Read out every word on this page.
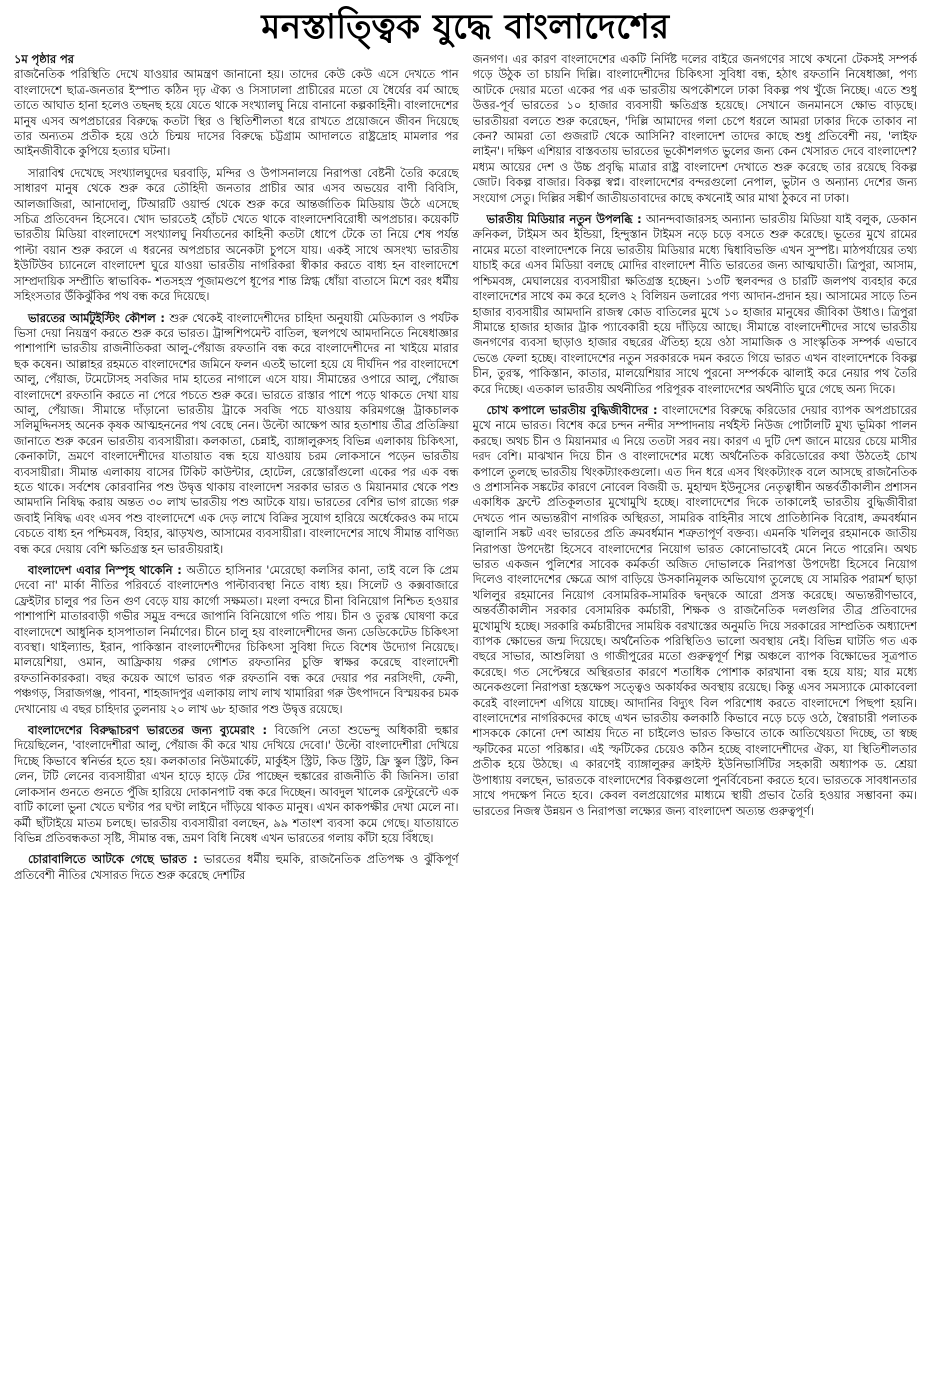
মনস্তাত্ত্বিক যুদ্ধে বাংলাদেশের

১ম পৃষ্ঠার পর
রাজনৈতিক পরিস্থিতি দেখে যাওয়ার আমন্ত্রণ জানানো হয়। তাদের কেউ কেউ এসে দেখতে পান বাংলাদেশে ছাত্র-জনতার ইস্পাত কঠিন দৃঢ় ঐক্য ও সিসাঢালা প্রাচীরের মতো যে ধৈর্যের বর্ম আছে তাতে আঘাত হানা হলেও তছনছ হয়ে যেতে থাকে সংখ্যালঘু নিয়ে বানানো কল্পকাহিনী। বাংলাদেশের মানুষ এসব অপপ্রচারের বিরুদ্ধে কতটা স্থির ও স্থিতিশীলতা ধরে রাখতে প্রয়োজনে জীবন দিয়েছে তার অন্যতম প্রতীক হয়ে ওঠে চিন্ময় দাসের বিরুদ্ধে চট্টগ্রাম আদালতে রাষ্ট্রদ্রোহ মামলার পর আইনজীবীকে কুপিয়ে হত্যার ঘটনা।

সারাবিশ্ব দেখেছে সংখ্যালঘুদের ঘরবাড়ি, মন্দির ও উপাসনালয়ে নিরাপত্তা বেষ্টনী তৈরি করেছে সাধারণ মানুষ থেকে শুরু করে তৌহিদী জনতার প্রাচীর আর এসব অভয়ের বাণী বিবিসি, আলজাজিরা, আনাদোলু, টিআরটি ওয়ার্ল্ড থেকে শুরু করে আন্তর্জাতিক মিডিয়ায় উঠে এসেছে সচিত্র প্রতিবেদন হিসেবে। খোদ ভারতেই হোঁচট খেতে থাকে বাংলাদেশবিরোধী অপপ্রচার। কয়েকটি ভারতীয় মিডিয়া বাংলাদেশে সংখ্যালঘু নির্যাতনের কাহিনী কতটা ধোপে টেকে তা নিয়ে শেষ পর্যন্ত পাল্টা বয়ান শুরু করলে এ ধরনের অপপ্রচার অনেকটা চুপসে যায়। একই সাথে অসংখ্য ভারতীয় ইউটিউব চ্যানেলে বাংলাদেশ ঘুরে যাওয়া ভারতীয় নাগরিকরা স্বীকার করতে বাধ্য হন বাংলাদেশে সাম্প্রদায়িক সম্প্রীতি স্বাভাবিক- শতসহস্র পূজামণ্ডপে ধূপের শান্ত স্নিগ্ধ ধোঁয়া বাতাসে মিশে বরং ধর্মীয় সহিংসতার উঁকিঝুঁকির পথ বন্ধ করে দিয়েছে।

ভারতের আর্মটুইস্টিং কৌশল : শুরু থেকেই বাংলাদেশীদের চাহিদা অনুযায়ী মেডিক্যাল ও পর্যটক ভিসা দেয়া নিয়ন্ত্রণ করতে শুরু করে ভারত। ট্রান্সশিপমেন্ট বাতিল, স্থলপথে আমদানিতে নিষেধাজ্ঞার পাশাপাশি ভারতীয় রাজনীতিকরা আলু-পেঁয়াজ রফতানি বন্ধ করে বাংলাদেশীদের না খাইয়ে মারার ছক কষেন। আল্লাহর রহমতে বাংলাদেশের জমিনে ফলন এতই ভালো হয়ে যে দীর্ঘদিন পর বাংলাদেশে আলু, পেঁয়াজ, টমেটোসহ সবজির দাম হাতের নাগালে এসে যায়। সীমান্তের ওপারে আলু, পেঁয়াজ বাংলাদেশে রফতানি করতে না পেরে পচতে শুরু করে। ভারতে রাস্তার পাশে পড়ে থাকতে দেখা যায় আলু, পেঁয়াজ। সীমান্তে দাঁড়ানো ভারতীয় ট্রাকে সবজি পচে যাওয়ায় করিমগঞ্জে ট্রাকচালক সলিমুদ্দিনসহ অনেক কৃষক আত্মহননের পথ বেছে নেন। উল্টো আক্ষেপ আর হতাশায় তীব্র প্রতিক্রিয়া জানাতে শুরু করেন ভারতীয় ব্যবসায়ীরা। কলকাতা, চেন্নাই, ব্যাঙ্গালুরুসহ বিভিন্ন এলাকায় চিকিৎসা, কেনাকাটা, ভ্রমণে বাংলাদেশীদের যাতায়াত বন্ধ হয়ে যাওয়ায় চরম লোকসানে পড়েন ভারতীয় ব্যবসায়ীরা। সীমান্ত এলাকায় বাসের টিকিট কাউন্টার, হোটেল, রেস্তোরাঁগুলো একের পর এক বন্ধ হতে থাকে। সর্বশেষ কোরবানির পশু উদ্বৃত্ত থাকায় বাংলাদেশ সরকার ভারত ও মিয়ানমার থেকে পশু আমদানি নিষিদ্ধ করায় অন্তত ৩০ লাখ ভারতীয় পশু আটকে যায়। ভারতের বেশির ভাগ রাজ্যে গরু জবাই নিষিদ্ধ এবং এসব পশু বাংলাদেশে এক দেড় লাখে বিক্রির সুযোগ হারিয়ে অর্ধেকেরও কম দামে বেচতে বাধ্য হন পশ্চিমবঙ্গ, বিহার, ঝাড়খণ্ড, আসামের ব্যবসায়ীরা। বাংলাদেশের সাথে সীমান্ত বাণিজ্য বন্ধ করে দেয়ায় বেশি ক্ষতিগ্রস্ত হন ভারতীয়রাই।

বাংলাদেশ এবার নিস্পৃহ থাকেনি : অতীতে হাসিনার 'মেরেছো কলসির কানা, তাই বলে কি প্রেম দেবো না' মার্কা নীতির পরিবর্তে বাংলাদেশও পাল্টাব্যবস্থা নিতে বাধ্য হয়। সিলেট ও কক্সবাজারে ফ্রেইটার চালুর পর তিন গুণ বেড়ে যায় কার্গো সক্ষমতা। মংলা বন্দরে চীনা বিনিয়োগ নিশ্চিত হওয়ার পাশাপাশি মাতারবাড়ী গভীর সমুদ্র বন্দরে জাপানি বিনিয়োগে গতি পায়। চীন ও তুরস্ক ঘোষণা করে বাংলাদেশে আধুনিক হাসপাতাল নির্মাণের। চীনে চালু হয় বাংলাদেশীদের জন্য ডেডিকেটেড চিকিৎসা ব্যবস্থা। থাইল্যান্ড, ইরান, পাকিস্তান বাংলাদেশীদের চিকিৎসা সুবিধা দিতে বিশেষ উদ্যোগ নিয়েছে। মালয়েশিয়া, ওমান, আফ্রিকায় গরুর গোশত রফতানির চুক্তি স্বাক্ষর করেছে বাংলাদেশী রফতানিকারকরা। বছর কয়েক আগে ভারত গরু রফতানি বন্ধ করে দেয়ার পর নরসিংদী, ফেনী, পঞ্চগড়, সিরাজগঞ্জ, পাবনা, শাহজাদপুর এলাকায় লাখ লাখ খামারিরা গরু উৎপাদনে বিস্ময়কর চমক দেখানোয় এ বছর চাহিদার তুলনায় ২০ লাখ ৬৮ হাজার পশু উদ্বৃত্ত রয়েছে।

বাংলাদেশের বিরুদ্ধাচরণ ভারতের জন্য ব্যুমেরাং : বিজেপি নেতা শুভেন্দু অধিকারী হুঙ্কার দিয়েছিলেন, 'বাংলাদেশীরা আলু, পেঁয়াজ কী করে খায় দেখিয়ে দেবো।' উল্টো বাংলাদেশীরা দেখিয়ে দিচ্ছে কিভাবে স্বনির্ভর হতে হয়। কলকাতার নিউমার্কেট, মার্কুইস স্ট্রিট, কিড স্ট্রিট, ফ্রি স্কুল স্ট্রিট, কিন লেন, টটি লেনের ব্যবসায়ীরা এখন হাড়ে হাড়ে টের পাচ্ছেন হুঙ্কারের রাজনীতি কী জিনিস। তারা লোকসান গুনতে গুনতে পুঁজি হারিয়ে দোকানপাট বন্ধ করে দিচ্ছেন। আবদুল খালেক রেস্টুরেন্টে এক বাটি কালো ভুনা খেতে ঘণ্টার পর ঘণ্টা লাইনে দাঁড়িয়ে থাকত মানুষ। এখন কাকপক্ষীর দেখা মেলে না। কর্মী ছাঁটাইয়ে মাতম চলছে। ভারতীয় ব্যবসায়ীরা বলছেন, ৯৯ শতাংশ ব্যবসা কমে গেছে। যাতায়াতে বিভিন্ন প্রতিবন্ধকতা সৃষ্টি, সীমান্ত বন্ধ, ভ্রমণ বিধি নিষেধ এখন ভারতের গলায় কাঁটা হয়ে বিঁধছে।

চোরাবালিতে আটকে গেছে ভারত : ভারতের ধর্মীয় হুমকি, রাজনৈতিক প্রতিপক্ষ ও ঝুঁকিপূর্ণ প্রতিবেশী নীতির খেসারত দিতে শুরু করেছে দেশটির

জনগণ। এর কারণ বাংলাদেশের একটি নির্দিষ্ট দলের বাইরে জনগণের সাথে কখনো টেকসই সম্পর্ক গড়ে উঠুক তা চায়নি দিল্লি। বাংলাদেশীদের চিকিৎসা সুবিধা বন্ধ, হঠাৎ রফতানি নিষেধাজ্ঞা, পণ্য আটকে দেয়ার মতো একের পর এক ভারতীয় অপকৌশলে ঢাকা বিকল্প পথ খুঁজে নিচ্ছে। এতে শুধু উত্তর-পূর্ব ভারতের ১০ হাজার ব্যবসায়ী ক্ষতিগ্রস্ত হয়েছে। সেখানে জনমানসে ক্ষোভ বাড়ছে। ভারতীয়রা বলতে শুরু করেছেন, 'দিল্লি আমাদের গলা চেপে ধরলে আমরা ঢাকার দিকে তাকাব না কেন? আমরা তো গুজরাট থেকে আসিনি? বাংলাদেশ তাদের কাছে শুধু প্রতিবেশী নয়, 'লাইফ লাইন'। দক্ষিণ এশিয়ার বাস্তবতায় ভারতের ভূকৌশলগত ভুলের জন্য কেন খেসারত দেবে বাংলাদেশ? মধ্যম আয়ের দেশ ও উচ্চ প্রবৃদ্ধি মাত্রার রাষ্ট্র বাংলাদেশ দেখাতে শুরু করেছে তার রয়েছে বিকল্প জোট। বিকল্প বাজার। বিকল্প স্বপ্ন। বাংলাদেশের বন্দরগুলো নেপাল, ভুটান ও অন্যান্য দেশের জন্য সংযোগ সেতু। দিল্লির সঙ্কীর্ণ জাতীয়তাবাদের কাছে কখনোই আর মাথা ঠুকবে না ঢাকা।

ভারতীয় মিডিয়ার নতুন উপলব্ধি : আনন্দবাজারসহ অন্যান্য ভারতীয় মিডিয়া যাই বলুক, ডেকান ক্রনিকল, টাইমস অব ইন্ডিয়া, হিন্দুস্তান টাইমস নড়ে চড়ে বসতে শুরু করেছে। ভূতের মুখে রামের নামের মতো বাংলাদেশকে নিয়ে ভারতীয় মিডিয়ার মধ্যে দ্বিধাবিভক্তি এখন সুস্পষ্ট। মাঠপর্যায়ের তথ্য যাচাই করে এসব মিডিয়া বলছে মোদির বাংলাদেশ নীতি ভারতের জন্য আত্মঘাতী। ত্রিপুরা, আসাম, পশ্চিমবঙ্গ, মেঘালয়ের ব্যবসায়ীরা ক্ষতিগ্রস্ত হচ্ছেন। ১৩টি স্থলবন্দর ও চারটি জলপথ ব্যবহার করে বাংলাদেশের সাথে কম করে হলেও ২ বিলিয়ন ডলারের পণ্য আদান-প্রদান হয়। আসামের সাড়ে তিন হাজার ব্যবসায়ীর আমদানি রাজস্ব কোড বাতিলের মুখে ১০ হাজার মানুষের জীবিকা উধাও। ত্রিপুরা সীমান্তে হাজার হাজার ট্রাক প্যাবেকারী হয়ে দাঁড়িয়ে আছে। সীমান্তে বাংলাদেশীদের সাথে ভারতীয় জনগণের ব্যবসা ছাড়াও হাজার বছরের ঐতিহ্য হয়ে ওঠা সামাজিক ও সাংস্কৃতিক সম্পর্ক এভাবে ভেঙে ফেলা হচ্ছে। বাংলাদেশের নতুন সরকারকে দমন করতে গিয়ে ভারত এখন বাংলাদেশকে বিকল্প চীন, তুরস্ক, পাকিস্তান, কাতার, মালয়েশিয়ার সাথে পুরনো সম্পর্ককে ঝালাই করে নেয়ার পথ তৈরি করে দিচ্ছে। এতকাল ভারতীয় অর্থনীতির পরিপূরক বাংলাদেশের অর্থনীতি ঘুরে গেছে অন্য দিকে।

চোখ কপালে ভারতীয় বুদ্ধিজীবীদের : বাংলাদেশের বিরুদ্ধে করিডোর দেয়ার ব্যাপক অপপ্রচারের মুখে নামে ভারত। বিশেষ করে চন্দন নন্দীর সম্পাদনায় নর্থইস্ট নিউজ পোর্টালটি মুখ্য ভূমিকা পালন করছে। অথচ চীন ও মিয়ানমার এ নিয়ে ততটা সরব নয়। কারণ এ দুটি দেশ জানে মায়ের চেয়ে মাসীর দরদ বেশি। মাঝখান দিয়ে চীন ও বাংলাদেশের মধ্যে অর্থনৈতিক করিডোরের কথা উঠতেই চোখ কপালে তুলছে ভারতীয় থিংকট্যাংকগুলো। এত দিন ধরে এসব থিংকট্যাংক বলে আসছে রাজনৈতিক ও প্রশাসনিক সঙ্কটের কারণে নোবেল বিজয়ী ড. মুহাম্মদ ইউনূসের নেতৃত্বাধীন অন্তর্বর্তীকালীন প্রশাসন একাধিক ফ্রন্টে প্রতিকূলতার মুখোমুখি হচ্ছে। বাংলাদেশের দিকে তাকালেই ভারতীয় বুদ্ধিজীবীরা দেখতে পান অভ্যন্তরীণ নাগরিক অস্থিরতা, সামরিক বাহিনীর সাথে প্রাতিষ্ঠানিক বিরোধ, ক্রমবর্ধমান জ্বালানি সঙ্কট এবং ভারতের প্রতি ক্রমবর্ধমান শত্রুতাপূর্ণ বক্তব্য। এমনকি খলিলুর রহমানকে জাতীয় নিরাপত্তা উপদেষ্টা হিসেবে বাংলাদেশের নিয়োগ ভারত কোনোভাবেই মেনে নিতে পারেনি। অথচ ভারত একজন পুলিশের সাবেক কর্মকর্তা অজিত দোভালকে নিরাপত্তা উপদেষ্টা হিসেবে নিয়োগ দিলেও বাংলাদেশের ক্ষেত্রে আগ বাড়িয়ে উসকানিমূলক অভিযোগ তুলেছে যে সামরিক পরামর্শ ছাড়া খলিলুর রহমানের নিয়োগ বেসামরিক-সামরিক দ্বন্দ্বকে আরো প্রসস্ত করেছে। অভ্যন্তরীণভাবে, অন্তর্বর্তীকালীন সরকার বেসামরিক কর্মচারী, শিক্ষক ও রাজনৈতিক দলগুলির তীব্র প্রতিবাদের মুখোমুখি হচ্ছে। সরকারি কর্মচারীদের সাময়িক বরখাস্তের অনুমতি দিয়ে সরকারের সাম্প্রতিক অধ্যাদেশ ব্যাপক ক্ষোভের জন্ম দিয়েছে। অর্থনৈতিক পরিস্থিতিও ভালো অবস্থায় নেই। বিভিন্ন ঘাটতি গত এক বছরে সাভার, আশুলিয়া ও গাজীপুরের মতো গুরুত্বপূর্ণ শিল্প অঞ্চলে ব্যাপক বিক্ষোভের সূত্রপাত করেছে। গত সেপ্টেম্বরে অস্থিরতার কারণে শতাধিক পোশাক কারখানা বন্ধ হয়ে যায়; যার মধ্যে অনেকগুলো নিরাপত্তা হস্তক্ষেপ সত্ত্বেও অকার্যকর অবস্থায় রয়েছে। কিন্তু এসব সমস্যাকে মোকাবেলা করেই বাংলাদেশ এগিয়ে যাচ্ছে। আদানির বিদ্যুৎ বিল পরিশোধ করতে বাংলাদেশে পিছপা হয়নি। বাংলাদেশের নাগরিকদের কাছে এখন ভারতীয় কলকাঠি কিভাবে নড়ে চড়ে ওঠে, স্বৈরাচারী পলাতক শাসককে কোনো দেশ আশ্রয় দিতে না চাইলেও ভারত কিভাবে তাকে আতিথেয়তা দিচ্ছে, তা স্বচ্ছ স্ফটিকের মতো পরিষ্কার। এই স্ফটিকের চেয়েও কঠিন হচ্ছে বাংলাদেশীদের ঐক্য, যা স্থিতিশীলতার প্রতীক হয়ে উঠছে। এ কারণেই ব্যাঙ্গালুরুর ক্রাইস্ট ইউনিভার্সিটির সহকারী অধ্যাপক ড. শ্রেয়া উপাধ্যায় বলছেন, ভারতকে বাংলাদেশের বিকল্পগুলো পুনর্বিবেচনা করতে হবে। ভারতকে সাবধানতার সাথে পদক্ষেপ নিতে হবে। কেবল বলপ্রয়োগের মাধ্যমে স্থায়ী প্রভাব তৈরি হওয়ার সম্ভাবনা কম। ভারতের নিজস্ব উন্নয়ন ও নিরাপত্তা লক্ষ্যের জন্য বাংলাদেশ অত্যন্ত গুরুত্বপূর্ণ।
